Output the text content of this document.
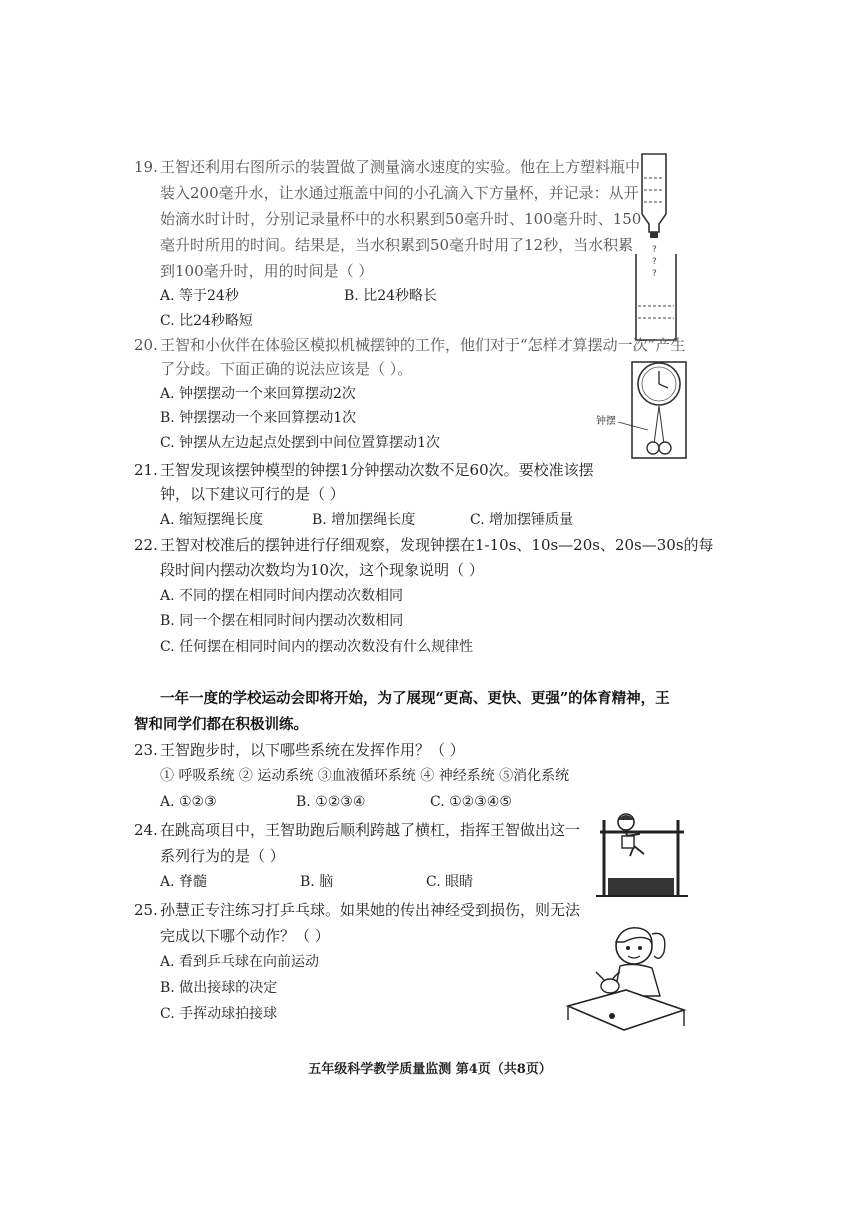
19. 王智还利用右图所示的装置做了测量滴水速度的实验。他在上方塑料瓶中
装入200毫升水，让水通过瓶盖中间的小孔滴入下方量杯，并记录：从开
始滴水时计时，分别记录量杯中的水积累到50毫升时、100毫升时、150
毫升时所用的时间。结果是，当水积累到50毫升时用了12秒，当水积累
到100毫升时，用的时间是（ ）
A. 等于24秒	B. 比24秒略长
C. 比24秒略短
?
?
?
20. 王智和小伙伴在体验区模拟机械摆钟的工作，他们对于“怎样才算摆动一次”产生
了分歧。下面正确的说法应该是（ ）。
A. 钟摆摆动一个来回算摆动2次
B. 钟摆摆动一个来回算摆动1次
C. 钟摆从左边起点处摆到中间位置算摆动1次
钟摆
21. 王智发现该摆钟模型的钟摆1分钟摆动次数不足60次。要校准该摆
钟，以下建议可行的是（ ）
A. 缩短摆绳长度	B. 增加摆绳长度	C. 增加摆锤质量
22. 王智对校准后的摆钟进行仔细观察，发现钟摆在1-10s、10s—20s、20s—30s的每
段时间内摆动次数均为10次，这个现象说明（ ）
A. 不同的摆在相同时间内摆动次数相同
B. 同一个摆在相同时间内摆动次数相同
C. 任何摆在相同时间内的摆动次数没有什么规律性
一年一度的学校运动会即将开始，为了展现“更高、更快、更强”的体育精神，王
智和同学们都在积极训练。
23. 王智跑步时，以下哪些系统在发挥作用？（ ）
① 呼吸系统 ② 运动系统 ③血液循环系统 ④ 神经系统 ⑤消化系统
A. ①②③	B. ①②③④	C. ①②③④⑤
24. 在跳高项目中，王智助跑后顺利跨越了横杠，指挥王智做出这一
系列行为的是（ ）
A. 脊髓	B. 脑	C. 眼睛
25. 孙慧正专注练习打乒乓球。如果她的传出神经受到损伤，则无法
完成以下哪个动作？（ ）
A. 看到乒乓球在向前运动
B. 做出接球的决定
C. 手挥动球拍接球
五年级科学教学质量监测 第4页（共8页）
